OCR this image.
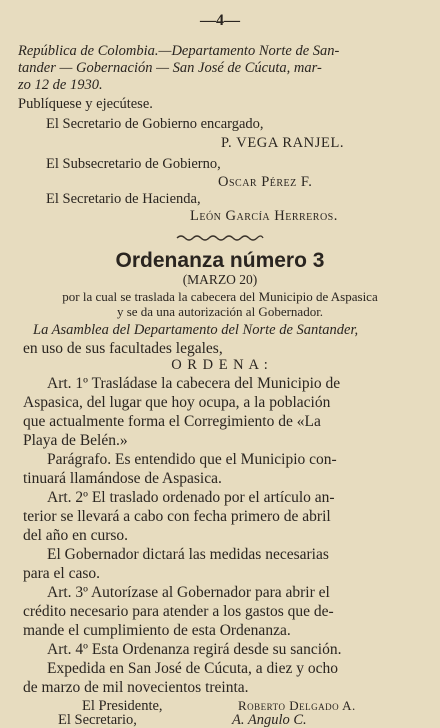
—4—
República de Colombia.—Departamento Norte de San-
tander — Gobernación — San José de Cúcuta, mar-
zo 12 de 1930.
Publíquese y ejecútese.
El Secretario de Gobierno encargado,
P. VEGA RANJEL.
El Subsecretario de Gobierno,
Oscar Pérez F.
El Secretario de Hacienda,
León García Herreros.
Ordenanza número 3
(MARZO 20)
por la cual se traslada la cabecera del Municipio de Aspasica
y se da una autorización al Gobernador.
La Asamblea del Departamento del Norte de Santander,
en uso de sus facultades legales,
O R D E N A :
Art. 1º Trasládase la cabecera del Municipio de
Aspasica, del lugar que hoy ocupa, a la población
que actualmente forma el Corregimiento de «La
Playa de Belén.»
Parágrafo. Es entendido que el Municipio con-
tinuará llamándose de Aspasica.
Art. 2º El traslado ordenado por el artículo an-
terior se llevará a cabo con fecha primero de abril
del año en curso.
El Gobernador dictará las medidas necesarias
para el caso.
Art. 3º Autorízase al Gobernador para abrir el
crédito necesario para atender a los gastos que de-
mande el cumplimiento de esta Ordenanza.
Art. 4º Esta Ordenanza regirá desde su sanción.
Expedida en San José de Cúcuta, a diez y ocho
de marzo de mil novecientos treinta.
El Presidente,	Roberto Delgado A.
El Secretario,	A. Angulo C.
